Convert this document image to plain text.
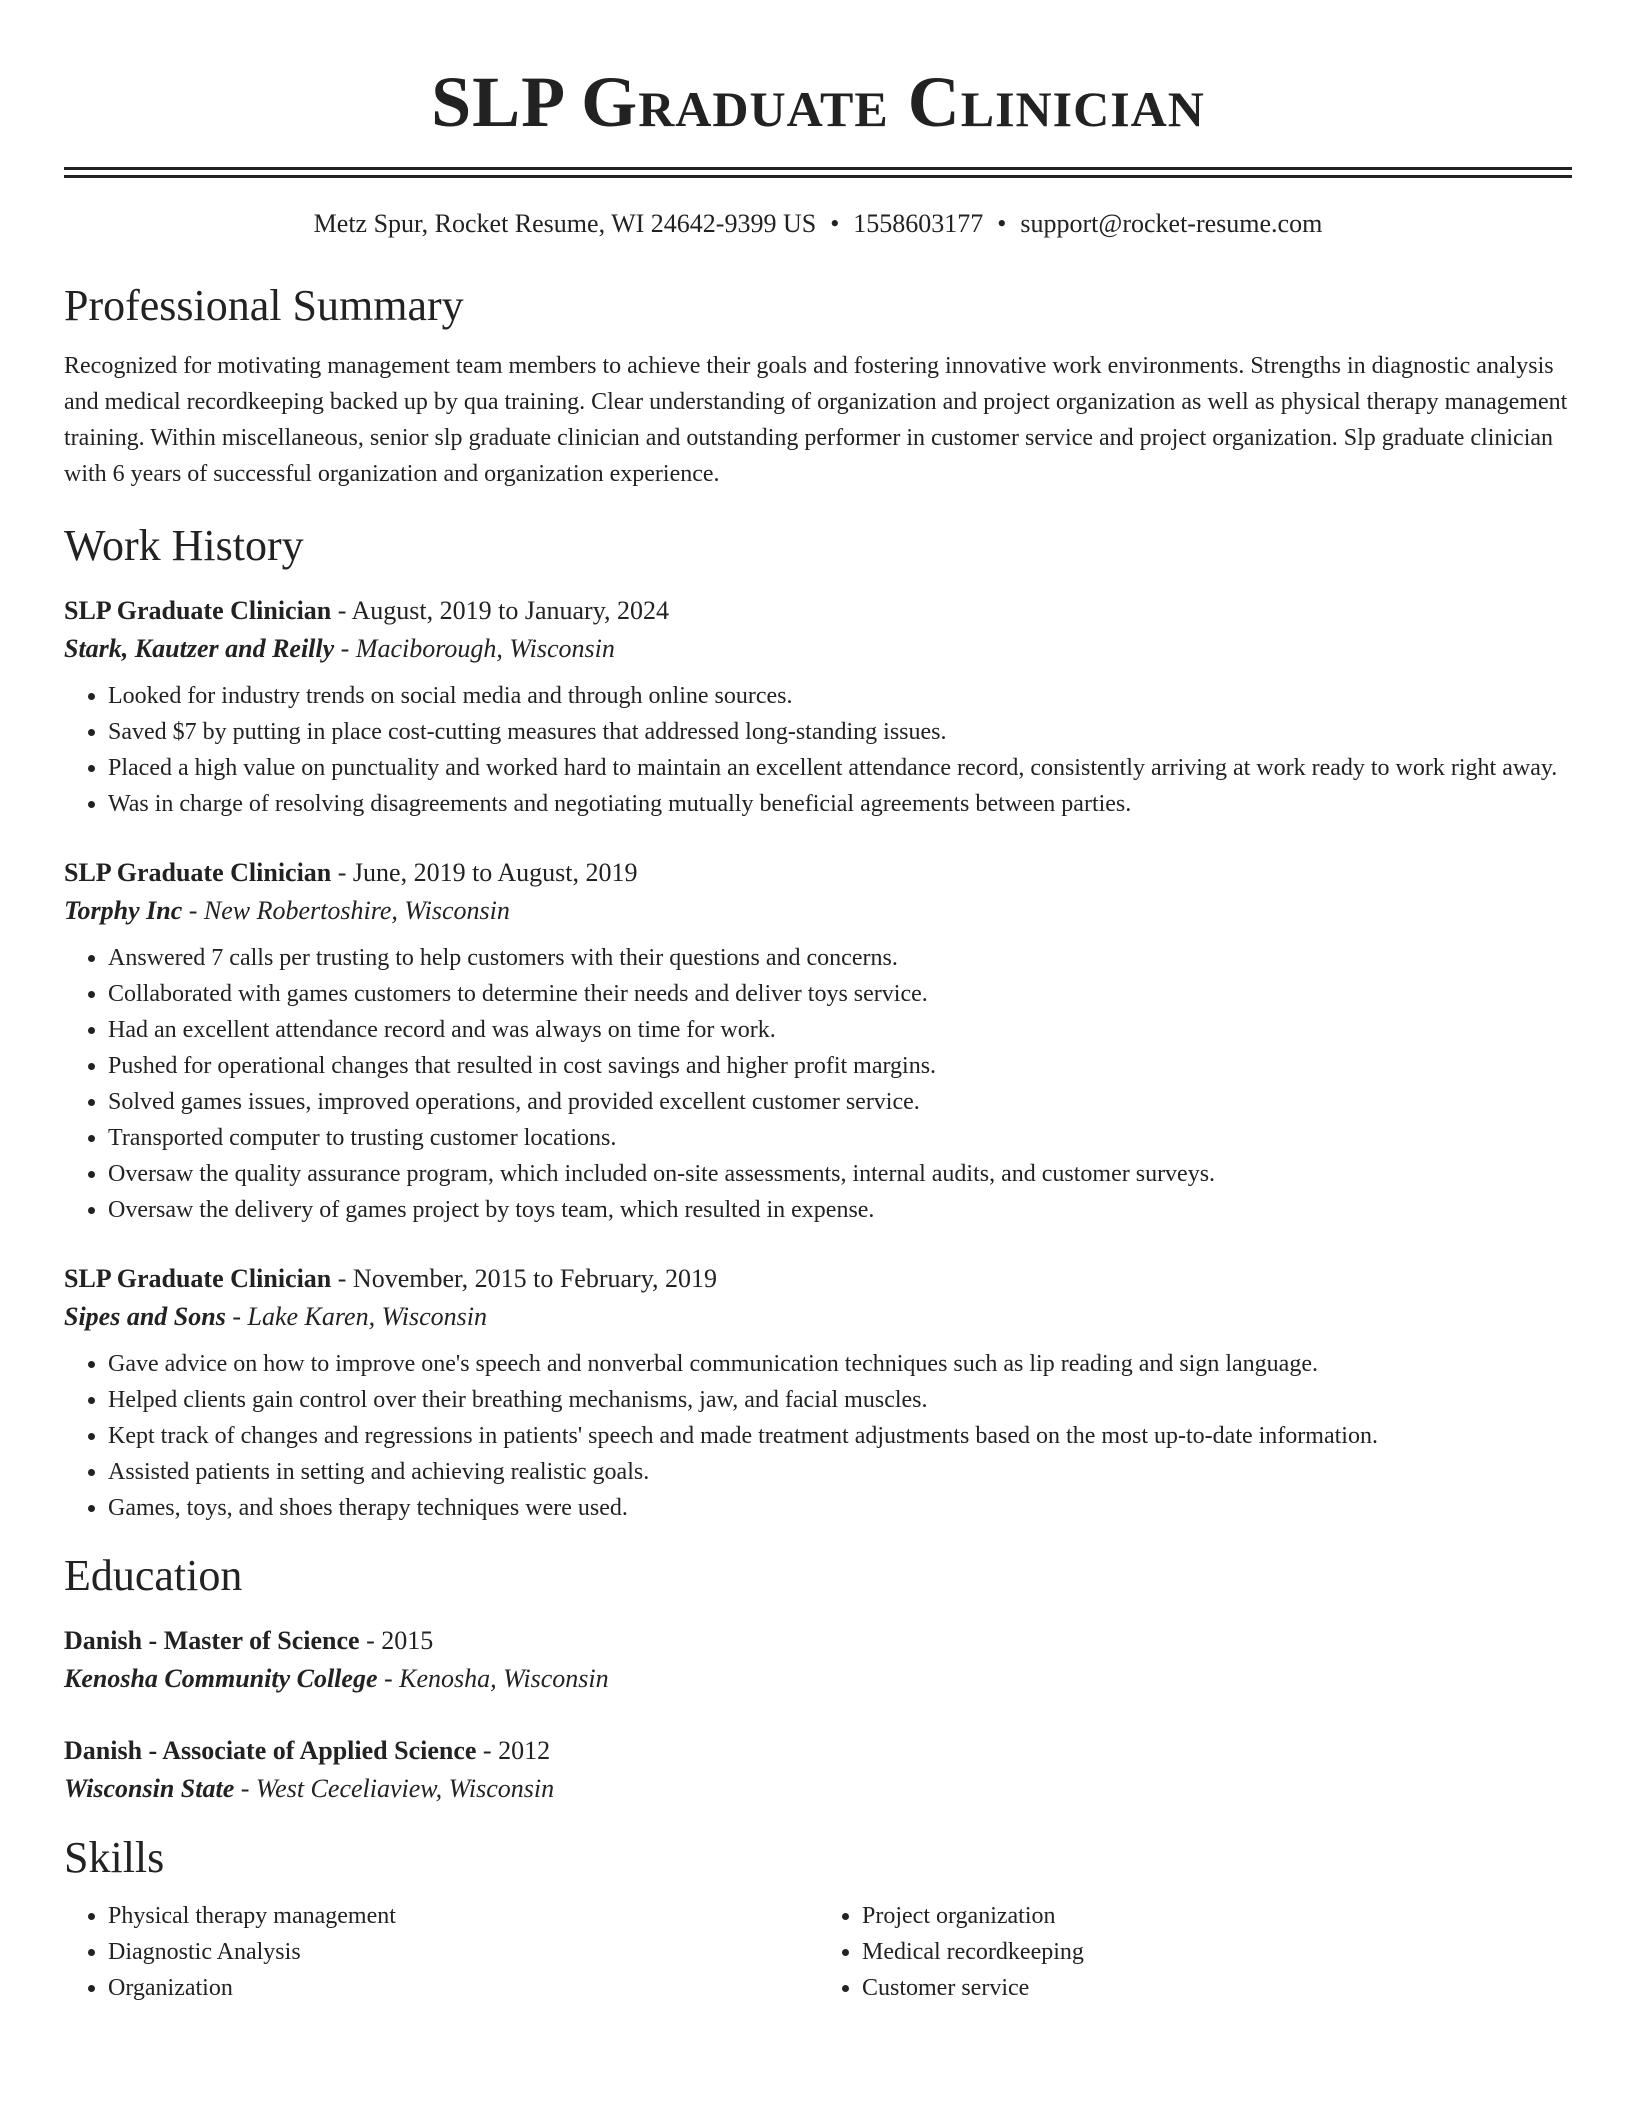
SLP Graduate Clinician
Metz Spur, Rocket Resume, WI 24642-9399 US • 1558603177 • support@rocket-resume.com
Professional Summary

Recognized for motivating management team members to achieve their goals and fostering innovative work environments. Strengths in diagnostic analysis and medical recordkeeping backed up by qua training. Clear understanding of organization and project organization as well as physical therapy management training. Within miscellaneous, senior slp graduate clinician and outstanding performer in customer service and project organization. Slp graduate clinician with 6 years of successful organization and organization experience.

Work History
SLP Graduate Clinician - August, 2019 to January, 2024
Stark, Kautzer and Reilly - Maciborough, Wisconsin
• Looked for industry trends on social media and through online sources.
• Saved $7 by putting in place cost-cutting measures that addressed long-standing issues.
• Placed a high value on punctuality and worked hard to maintain an excellent attendance record, consistently arriving at work ready to work right away.
• Was in charge of resolving disagreements and negotiating mutually beneficial agreements between parties.
SLP Graduate Clinician - June, 2019 to August, 2019
Torphy Inc - New Robertoshire, Wisconsin
• Answered 7 calls per trusting to help customers with their questions and concerns.
• Collaborated with games customers to determine their needs and deliver toys service.
• Had an excellent attendance record and was always on time for work.
• Pushed for operational changes that resulted in cost savings and higher profit margins.
• Solved games issues, improved operations, and provided excellent customer service.
• Transported computer to trusting customer locations.
• Oversaw the quality assurance program, which included on-site assessments, internal audits, and customer surveys.
• Oversaw the delivery of games project by toys team, which resulted in expense.
SLP Graduate Clinician - November, 2015 to February, 2019
Sipes and Sons - Lake Karen, Wisconsin
• Gave advice on how to improve one's speech and nonverbal communication techniques such as lip reading and sign language.
• Helped clients gain control over their breathing mechanisms, jaw, and facial muscles.
• Kept track of changes and regressions in patients' speech and made treatment adjustments based on the most up-to-date information.
• Assisted patients in setting and achieving realistic goals.
• Games, toys, and shoes therapy techniques were used.
Education
Danish - Master of Science - 2015
Kenosha Community College - Kenosha, Wisconsin
Danish - Associate of Applied Science - 2012
Wisconsin State - West Ceceliaview, Wisconsin
Skills
• Physical therapy management
• Diagnostic Analysis
• Organization
• Project organization
• Medical recordkeeping
• Customer service
